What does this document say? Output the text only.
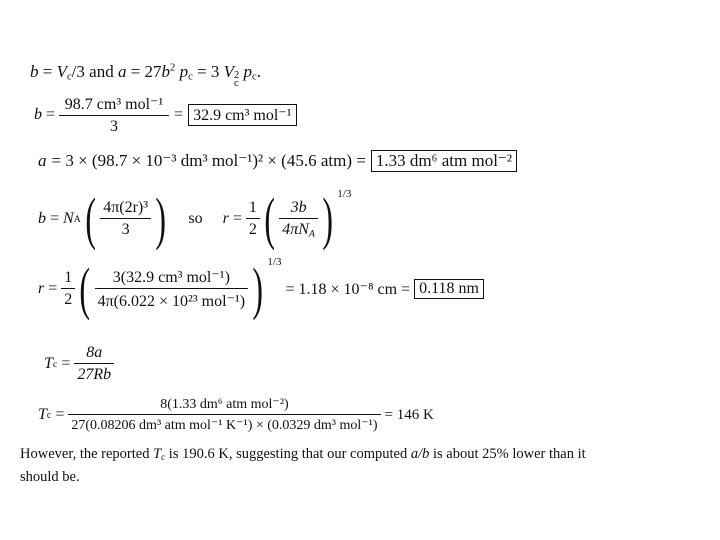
$b = V_c/3$ and $a = 27b^2$ $p_c = 3$ V 2
c
$p_c$.
$b = \frac{\text{98.7 cm³ mol⁻¹}}{3} = 32.9$ cm³ mol⁻¹
a = 3 × (98.7 × 10⁻³ dm³ mol⁻¹)² × (45.6 atm) = 1.33 dm⁶ atm mol⁻²
b = N A ( $\frac{\text{4π(2r)³}}{3}$ ) so $r = \frac{1}{2}$ ( $\frac{3b}{4\pi N_A}$ ) 1/3
$r = \frac{1}{2}$ ( $\frac{\text{3(32.9 cm³ mol⁻¹)}}{\text{4π(6.022 × 10²³ mol⁻¹)}}$ ) 1/3
= 1.18 × 10⁻⁸ cm = 0.118 nm
T $c = \frac{8a}{27Rb}$
T $c = \frac{\text{8(1.33 dm⁶ atm mol⁻²)}}{\text{27(0.08206 dm³ atm mol⁻¹ K⁻¹) × (0.0329 dm³ mol⁻¹)}} = 146$ K
However, the reported $T_c$ is 190.6 K, suggesting that our computed a/b is about 25% lower than it
should be.
